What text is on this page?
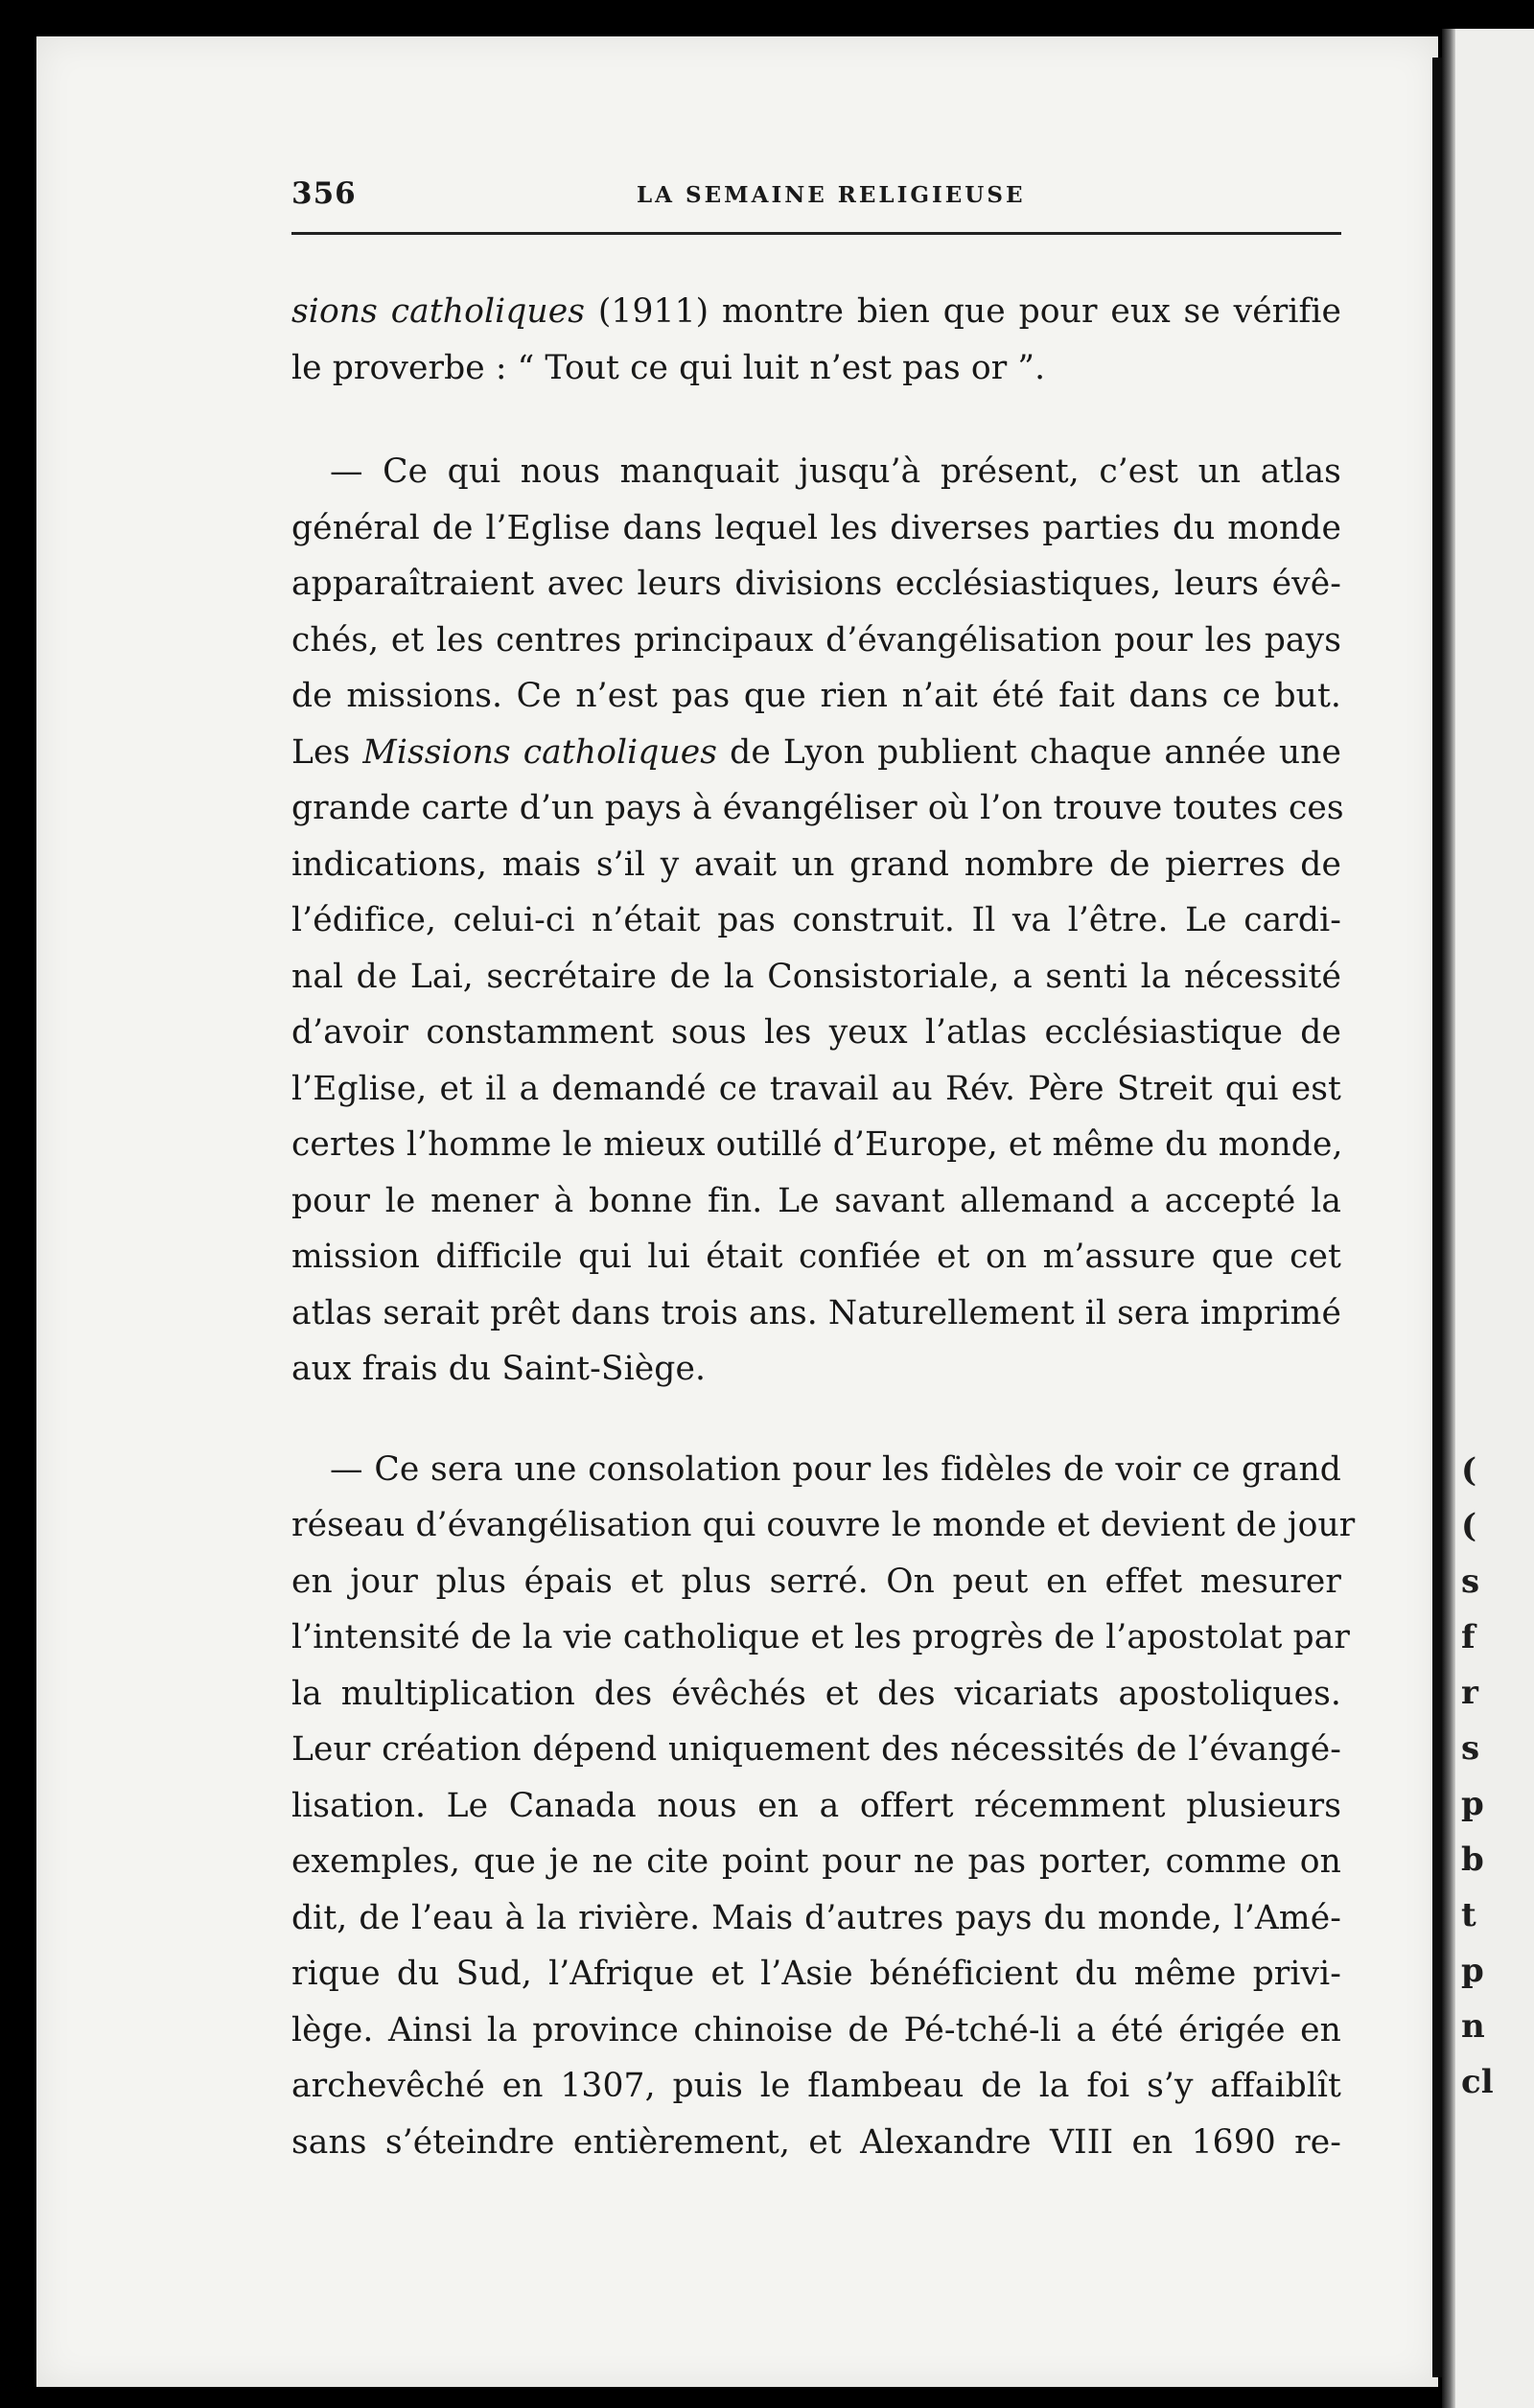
(
(
s
f
r
s
p
b
t
p
n
cl
356	LA SEMAINE RELIGIEUSE

sions catholiques (1911) montre bien que pour eux se vérifie
le proverbe : “ Tout ce qui luit n’est pas or ”.

— Ce qui nous manquait jusqu’à présent, c’est un atlas
général de l’Eglise dans lequel les diverses parties du monde
apparaîtraient avec leurs divisions ecclésiastiques, leurs évê-
chés, et les centres principaux d’évangélisation pour les pays
de missions. Ce n’est pas que rien n’ait été fait dans ce but.
Les Missions catholiques de Lyon publient chaque année une
grande carte d’un pays à évangéliser où l’on trouve toutes ces
indications, mais s’il y avait un grand nombre de pierres de
l’édifice, celui-ci n’était pas construit. Il va l’être. Le cardi-
nal de Lai, secrétaire de la Consistoriale, a senti la nécessité
d’avoir constamment sous les yeux l’atlas ecclésiastique de
l’Eglise, et il a demandé ce travail au Rév. Père Streit qui est
certes l’homme le mieux outillé d’Europe, et même du monde,
pour le mener à bonne fin. Le savant allemand a accepté la
mission difficile qui lui était confiée et on m’assure que cet
atlas serait prêt dans trois ans. Naturellement il sera imprimé
aux frais du Saint-Siège.

— Ce sera une consolation pour les fidèles de voir ce grand
réseau d’évangélisation qui couvre le monde et devient de jour
en jour plus épais et plus serré. On peut en effet mesurer
l’intensité de la vie catholique et les progrès de l’apostolat par
la multiplication des évêchés et des vicariats apostoliques.
Leur création dépend uniquement des nécessités de l’évangé-
lisation. Le Canada nous en a offert récemment plusieurs
exemples, que je ne cite point pour ne pas porter, comme on
dit, de l’eau à la rivière. Mais d’autres pays du monde, l’Amé-
rique du Sud, l’Afrique et l’Asie bénéficient du même privi-
lège. Ainsi la province chinoise de Pé-tché-li a été érigée en
archevêché en 1307, puis le flambeau de la foi s’y affaiblît
sans s’éteindre entièrement, et Alexandre VIII en 1690 re-
